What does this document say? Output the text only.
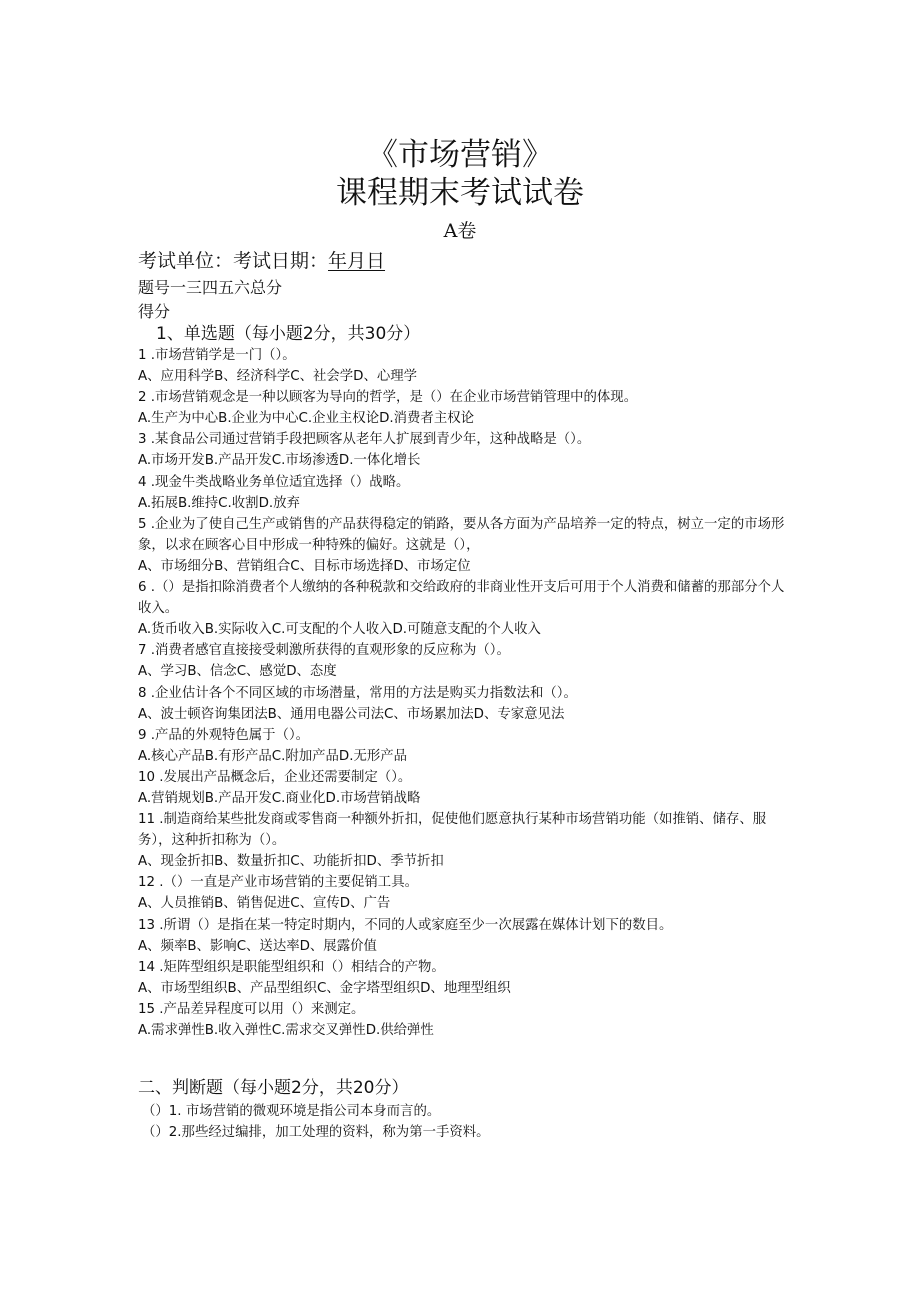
《市场营销》
课程期末考试试卷
A卷
考试单位：考试日期：年月日
题号一三四五六总分
得分
1、单选题（每小题2分，共30分）
1 .市场营销学是一门（）。
A、应用科学B、经济科学C、社会学D、心理学
2 .市场营销观念是一种以顾客为导向的哲学，是（）在企业市场营销管理中的体现。
A.生产为中心B.企业为中心C.企业主权论D.消费者主权论
3 .某食品公司通过营销手段把顾客从老年人扩展到青少年，这种战略是（）。
A.市场开发B.产品开发C.市场渗透D.一体化增长
4 .现金牛类战略业务单位适宜选择（）战略。
A.拓展B.维持C.收割D.放弃
5 .企业为了使自己生产或销售的产品获得稳定的销路，要从各方面为产品培养一定的特点，树立一定的市场形象，以求在顾客心目中形成一种特殊的偏好。这就是（），
A、市场细分B、营销组合C、目标市场选择D、市场定位
6 .（）是指扣除消费者个人缴纳的各种税款和交给政府的非商业性开支后可用于个人消费和储蓄的那部分个人收入。
A.货币收入B.实际收入C.可支配的个人收入D.可随意支配的个人收入
7 .消费者感官直接接受刺激所获得的直观形象的反应称为（）。
A、学习B、信念C、感觉D、态度
8 .企业估计各个不同区域的市场潜量，常用的方法是购买力指数法和（）。
A、波士顿咨询集团法B、通用电器公司法C、市场累加法D、专家意见法
9 .产品的外观特色属于（）。
A.核心产品B.有形产品C.附加产品D.无形产品
10 .发展出产品概念后，企业还需要制定（）。
A.营销规划B.产品开发C.商业化D.市场营销战略
11 .制造商给某些批发商或零售商一种额外折扣，促使他们愿意执行某种市场营销功能（如推销、储存、服务），这种折扣称为（）。
A、现金折扣B、数量折扣C、功能折扣D、季节折扣
12 .（）一直是产业市场营销的主要促销工具。
A、人员推销B、销售促进C、宣传D、广告
13 .所谓（）是指在某一特定时期内，不同的人或家庭至少一次展露在媒体计划下的数目。
A、频率B、影响C、送达率D、展露价值
14 .矩阵型组织是职能型组织和（）相结合的产物。
A、市场型组织B、产品型组织C、金字塔型组织D、地理型组织
15 .产品差异程度可以用（）来测定。
A.需求弹性B.收入弹性C.需求交叉弹性D.供给弹性
二、判断题（每小题2分，共20分）
（）1. 市场营销的微观环境是指公司本身而言的。
（）2.那些经过编排，加工处理的资料，称为第一手资料。
